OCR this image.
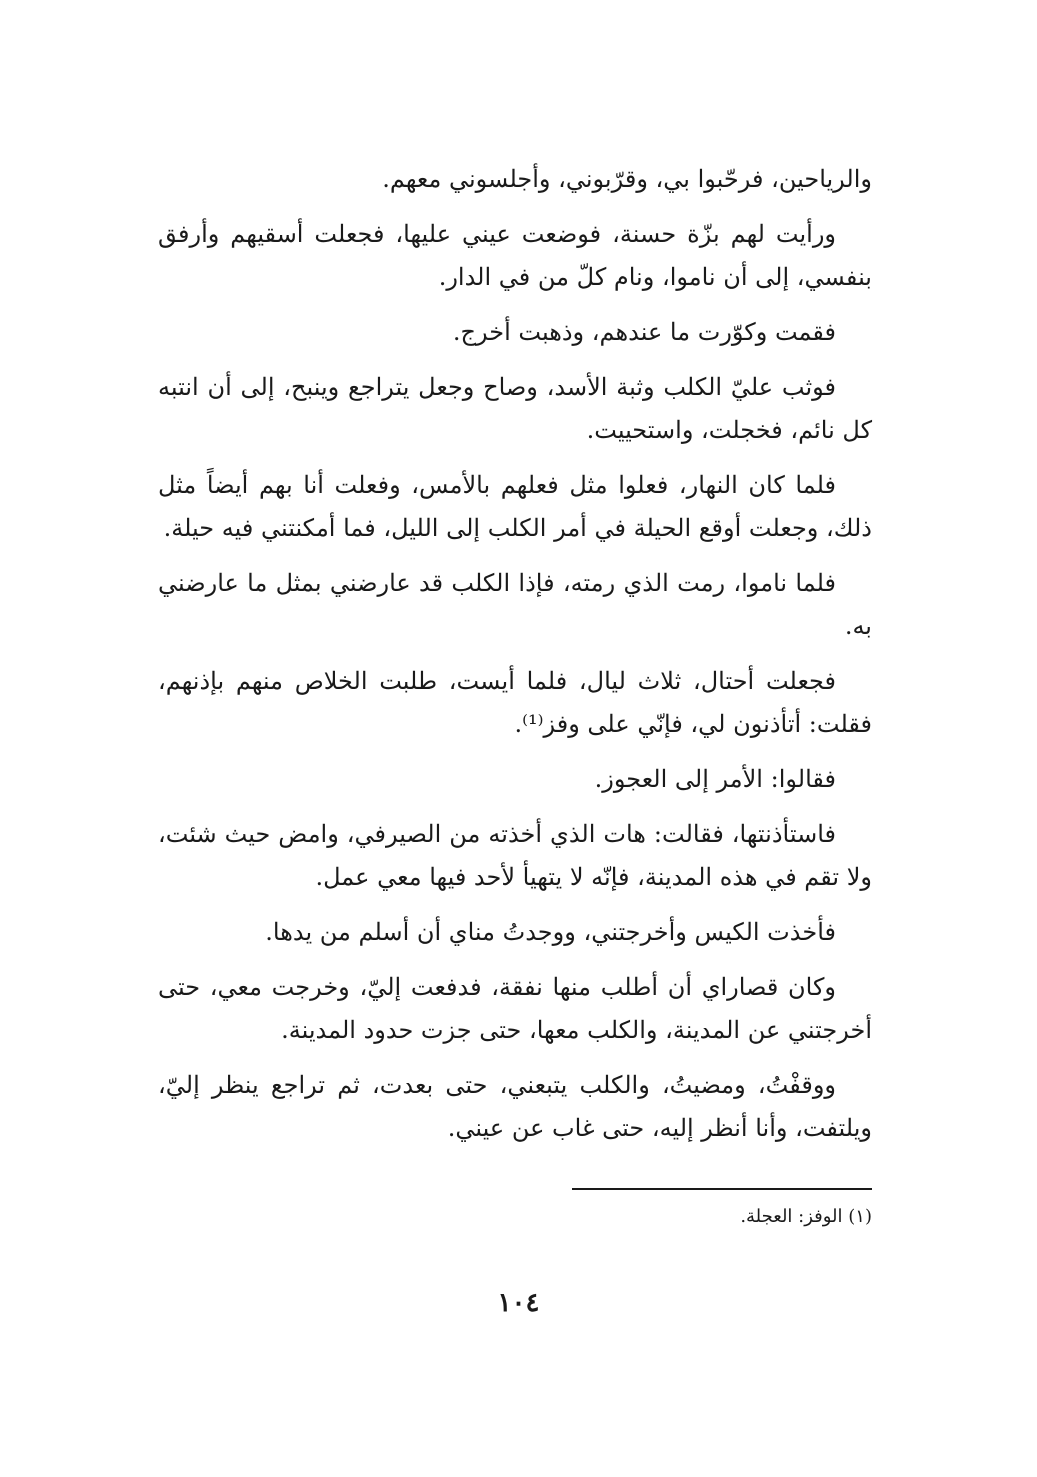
والرياحين، فرحّبوا بي، وقرّبوني، وأجلسوني معهم.

ورأيت لهم بزّة حسنة، فوضعت عيني عليها، فجعلت أسقيهم وأرفق بنفسي، إلى أن ناموا، ونام كلّ من في الدار.

فقمت وكوّرت ما عندهم، وذهبت أخرج.

فوثب عليّ الكلب وثبة الأسد، وصاح وجعل يتراجع وينبح، إلى أن انتبه كل نائم، فخجلت، واستحييت.

فلما كان النهار، فعلوا مثل فعلهم بالأمس، وفعلت أنا بهم أيضاً مثل ذلك، وجعلت أوقع الحيلة في أمر الكلب إلى الليل، فما أمكنتني فيه حيلة.

فلما ناموا، رمت الذي رمته، فإذا الكلب قد عارضني بمثل ما عارضني به.

فجعلت أحتال، ثلاث ليال، فلما أيست، طلبت الخلاص منهم بإذنهم، فقلت: أتأذنون لي، فإنّي على وفز⁽¹⁾.

فقالوا: الأمر إلى العجوز.

فاستأذنتها، فقالت: هات الذي أخذته من الصيرفي، وامض حيث شئت، ولا تقم في هذه المدينة، فإنّه لا يتهيأ لأحد فيها معي عمل.

فأخذت الكيس وأخرجتني، ووجدتُ مناي أن أسلم من يدها.

وكان قصاراي أن أطلب منها نفقة، فدفعت إليّ، وخرجت معي، حتى أخرجتني عن المدينة، والكلب معها، حتى جزت حدود المدينة.

ووقفْتُ، ومضيتُ، والكلب يتبعني، حتى بعدت، ثم تراجع ينظر إليّ، ويلتفت، وأنا أنظر إليه، حتى غاب عن عيني.

(١) الوفز: العجلة.
١٠٤
